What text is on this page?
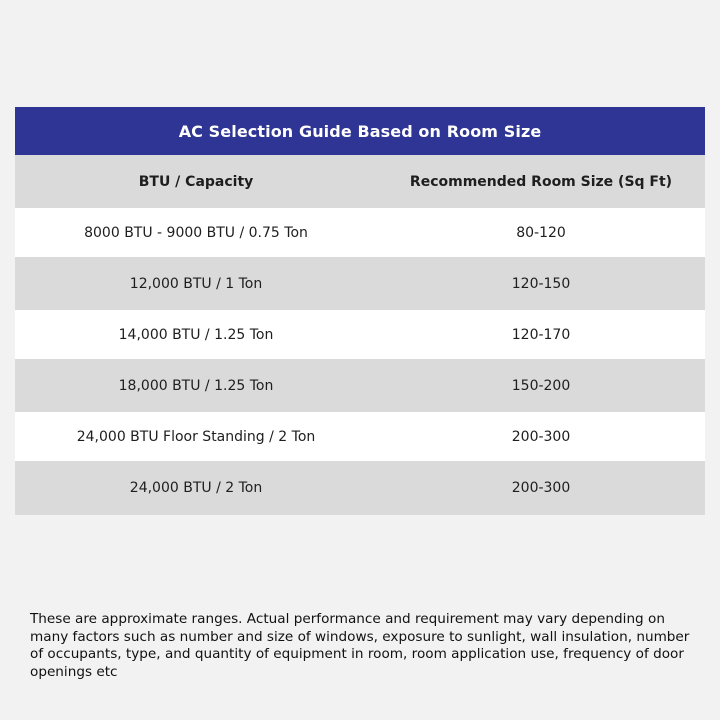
AC Selection Guide Based on Room Size
BTU / Capacity	Recommended Room Size (Sq Ft)
8000 BTU - 9000 BTU / 0.75 Ton	80-120
12,000 BTU / 1 Ton	120-150
14,000 BTU / 1.25 Ton	120-170
18,000 BTU / 1.25 Ton	150-200
24,000 BTU Floor Standing / 2 Ton	200-300
24,000 BTU / 2 Ton	200-300
These are approximate ranges. Actual performance and requirement may vary depending on many factors such as number and size of windows, exposure to sunlight, wall insulation, number of occupants, type, and quantity of equipment in room, room application use, frequency of door openings etc
